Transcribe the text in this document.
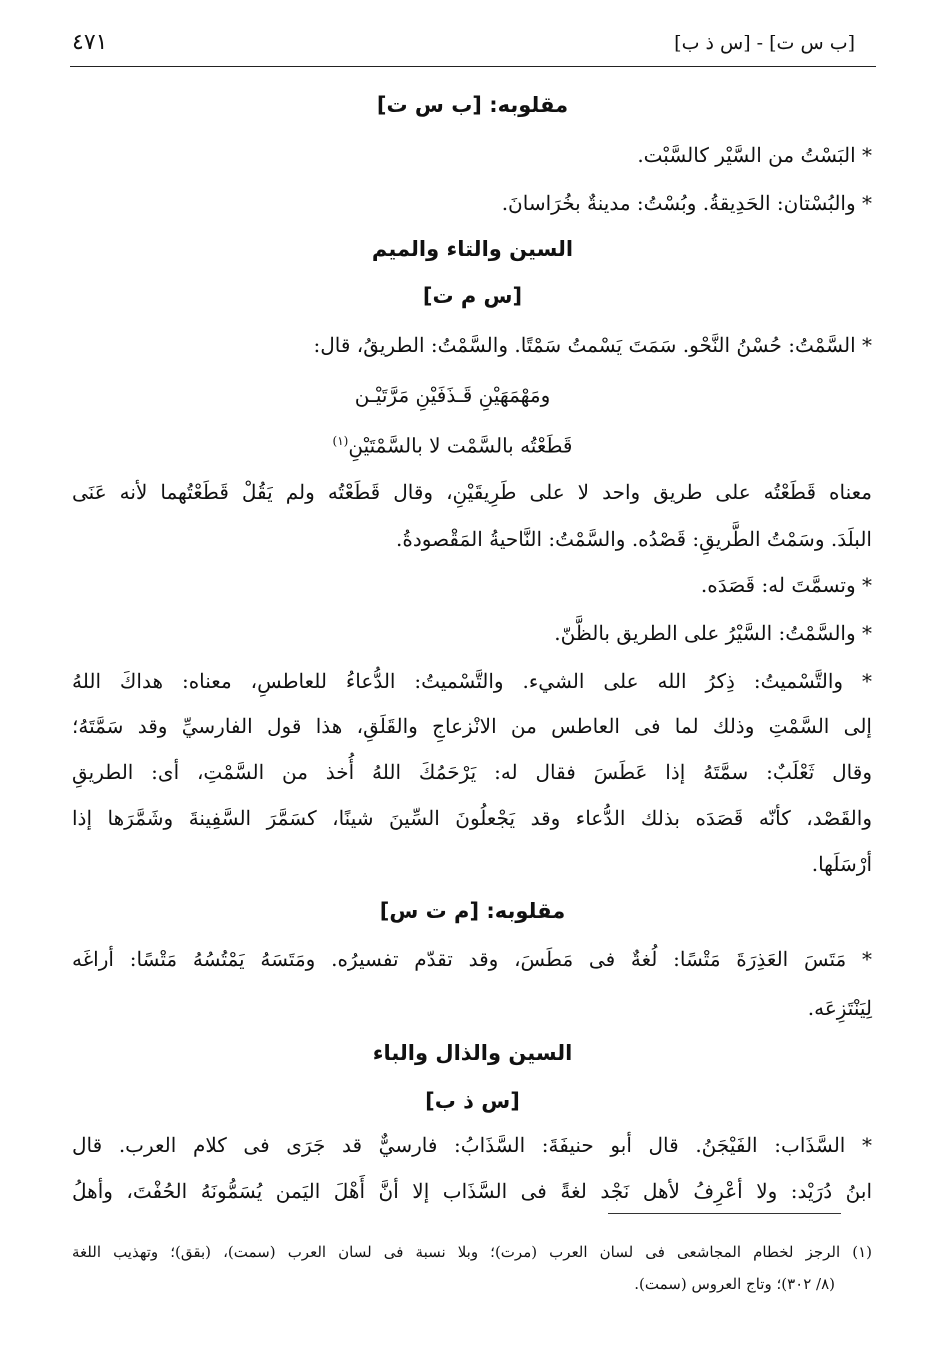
[ب س ت] - [س ذ ب]
٤٧١
مقلوبه: [ب س ت]
* البَسْتُ من السَّيْر كالسَّبْت.
* والبُسْتان: الحَدِيقةُ. وبُسْتُ: مدينةٌ بخُرَاسانَ.
السين والتاء والميم
[س م ت]
* السَّمْتُ: حُسْنُ النَّحْو. سَمَتَ يَسْمتُ سَمْتًا. والسَّمْتُ: الطريقُ، قال:
ومَهْمَهَيْنِ قَـذَفَيْنِ مَرَّتَيْـن
قَطَعْتُه بالسَّمْت لا بالسَّمْتَيْنِ$^{(١)}$
معناه قَطَعْتُه على طريق واحد لا على طَرِيقَيْنِ، وقال قَطَعْتُه ولم يَقُلْ قَطَعْتُهما لأنه عَنَى
البلَدَ. وسَمْتُ الطَّريقِ: قَصْدُه. والسَّمْتُ: النَّاحيةُ المَقْصودةُ.
* وتسمَّتَ له: قَصَدَه.
* والسَّمْتُ: السَّيْرُ على الطريق بالظَّنّ.
* والتَّسْميتُ: ذِكرُ الله على الشيء. والتَّسْميتُ: الدُّعاءُ للعاطسِ، معناه: هداكَ اللهُ
إلى السَّمْتِ وذلك لما فى العاطس من الانْزعاجِ والقَلَقِ، هذا قول الفارسيِّ وقد سَمَّتَهُ؛
وقال ثَعْلَبٌ: سمَّتَهُ إذا عَطَسَ فقال له: يَرْحَمُكَ اللهُ أُخذ من السَّمْتِ، أى: الطريقِ
والقَصْد، كأنّه قَصَدَه بذلك الدُّعاء وقد يَجْعلُونَ السِّينَ شينًا، كسَمَّرَ السَّفِينةَ وشَمَّرَها إذا
أرْسَلَها.
مقلوبه: [م ت س]
* مَتَسَ العَذِرَةَ مَتْسًا: لُغةٌ فى مَطَسَ، وقد تقدّم تفسيرُه. ومَتَسَهُ يَمْتُسُهُ مَتْسًا: أراغَه
لِيَنْتَزِعَه.
السين والذال والباء
[س ذ ب]
* السَّذَاب: الفَيْجَنُ. قال أبو حنيفَةَ: السَّذَابُ: فارسيٌّ قد جَرَى فى كلام العرب. قال
ابنُ دُرَيْد: ولا أعْرِفُ لأهل نَجْد لغةً فى السَّذَاب إلا أنَّ أَهْلَ اليَمن يُسَمُّونَهُ الحُفْتَ، وأهلُ
(١) الرجز لخطام المجاشعى فى لسان العرب (مرت)؛ وبلا نسبة فى لسان العرب (سمت)، (بقق)؛ وتهذيب اللغة
(٨/ ٣٠٢)؛ وتاج العروس (سمت).
